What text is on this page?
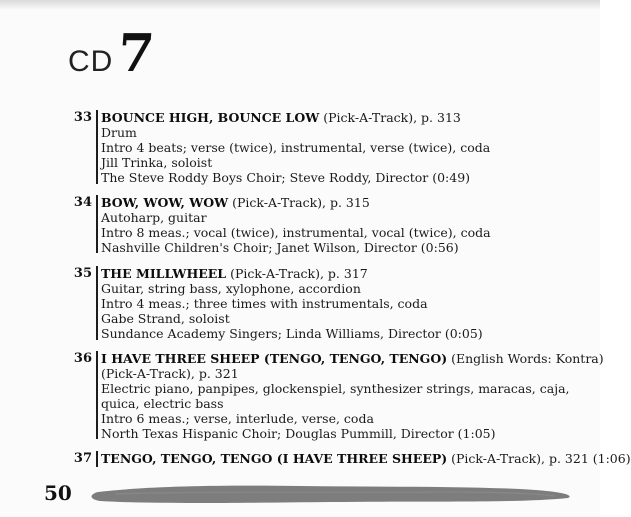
CD 7
33 BOUNCE HIGH, BOUNCE LOW (Pick-A-Track), p. 313
Drum
Intro 4 beats; verse (twice), instrumental, verse (twice), coda
Jill Trinka, soloist
The Steve Roddy Boys Choir; Steve Roddy, Director (0:49)
34 BOW, WOW, WOW (Pick-A-Track), p. 315
Autoharp, guitar
Intro 8 meas.; vocal (twice), instrumental, vocal (twice), coda
Nashville Children's Choir; Janet Wilson, Director (0:56)
35 THE MILLWHEEL (Pick-A-Track), p. 317
Guitar, string bass, xylophone, accordion
Intro 4 meas.; three times with instrumentals, coda
Gabe Strand, soloist
Sundance Academy Singers; Linda Williams, Director (0:05)
36 I HAVE THREE SHEEP (TENGO, TENGO, TENGO) (English Words: Kontra)
(Pick-A-Track), p. 321
Electric piano, panpipes, glockenspiel, synthesizer strings, maracas, caja,
quica, electric bass
Intro 6 meas.; verse, interlude, verse, coda
North Texas Hispanic Choir; Douglas Pummill, Director (1:05)
37 TENGO, TENGO, TENGO (I HAVE THREE SHEEP) (Pick-A-Track), p. 321 (1:06)
50
